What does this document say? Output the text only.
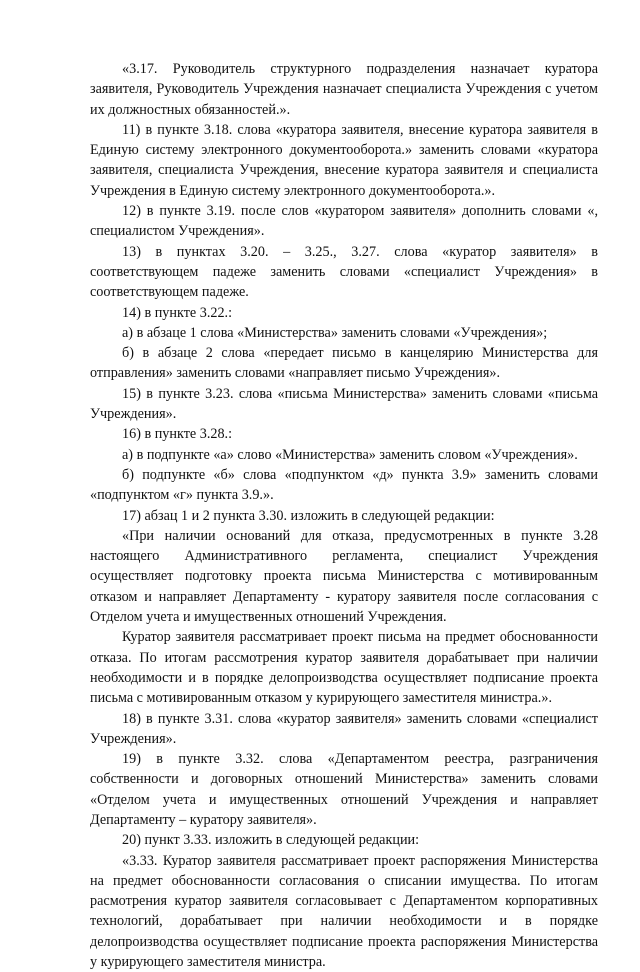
«3.17. Руководитель структурного подразделения назначает куратора заявителя, Руководитель Учреждения назначает специалиста Учреждения с учетом их должностных обязанностей.».

11) в пункте 3.18. слова «куратора заявителя, внесение куратора заявителя в Единую систему электронного документооборота.» заменить словами «куратора заявителя, специалиста Учреждения, внесение куратора заявителя и специалиста Учреждения в Единую систему электронного документооборота.».

12) в пункте 3.19. после слов «куратором заявителя» дополнить словами «, специалистом Учреждения».

13) в пунктах 3.20. – 3.25., 3.27. слова «куратор заявителя» в соответствующем падеже заменить словами «специалист Учреждения» в соответствующем падеже.

14) в пункте 3.22.:

а) в абзаце 1 слова «Министерства» заменить словами «Учреждения»;

б) в абзаце 2 слова «передает письмо в канцелярию Министерства для отправления» заменить словами «направляет письмо Учреждения».

15) в пункте 3.23. слова «письма Министерства» заменить словами «письма Учреждения».

16) в пункте 3.28.:

а) в подпункте «а» слово «Министерства» заменить словом «Учреждения».

б) подпункте «б» слова «подпунктом «д» пункта 3.9» заменить словами «подпунктом «г» пункта 3.9.».

17) абзац 1 и 2 пункта 3.30. изложить в следующей редакции:

«При наличии оснований для отказа, предусмотренных в пункте 3.28 настоящего Административного регламента, специалист Учреждения осуществляет подготовку проекта письма Министерства с мотивированным отказом и направляет Департаменту - куратору заявителя после согласования с Отделом учета и имущественных отношений Учреждения.

Куратор заявителя рассматривает проект письма на предмет обоснованности отказа. По итогам рассмотрения куратор заявителя дорабатывает при наличии необходимости и в порядке делопроизводства осуществляет подписание проекта письма с мотивированным отказом у курирующего заместителя министра.».

18) в пункте 3.31. слова «куратор заявителя» заменить словами «специалист Учреждения».

19) в пункте 3.32. слова «Департаментом реестра, разграничения собственности и договорных отношений Министерства» заменить словами «Отделом учета и имущественных отношений Учреждения и направляет Департаменту – куратору заявителя».

20) пункт 3.33. изложить в следующей редакции:

«3.33. Куратор заявителя рассматривает проект распоряжения Министерства на предмет обоснованности согласования о списании имущества. По итогам расмотрения куратор заявителя согласовывает с Департаментом корпоративных технологий, дорабатывает при наличии необходимости и в порядке делопроизводства осуществляет подписание проекта распоряжения Министерства у курирующего заместителя министра.
